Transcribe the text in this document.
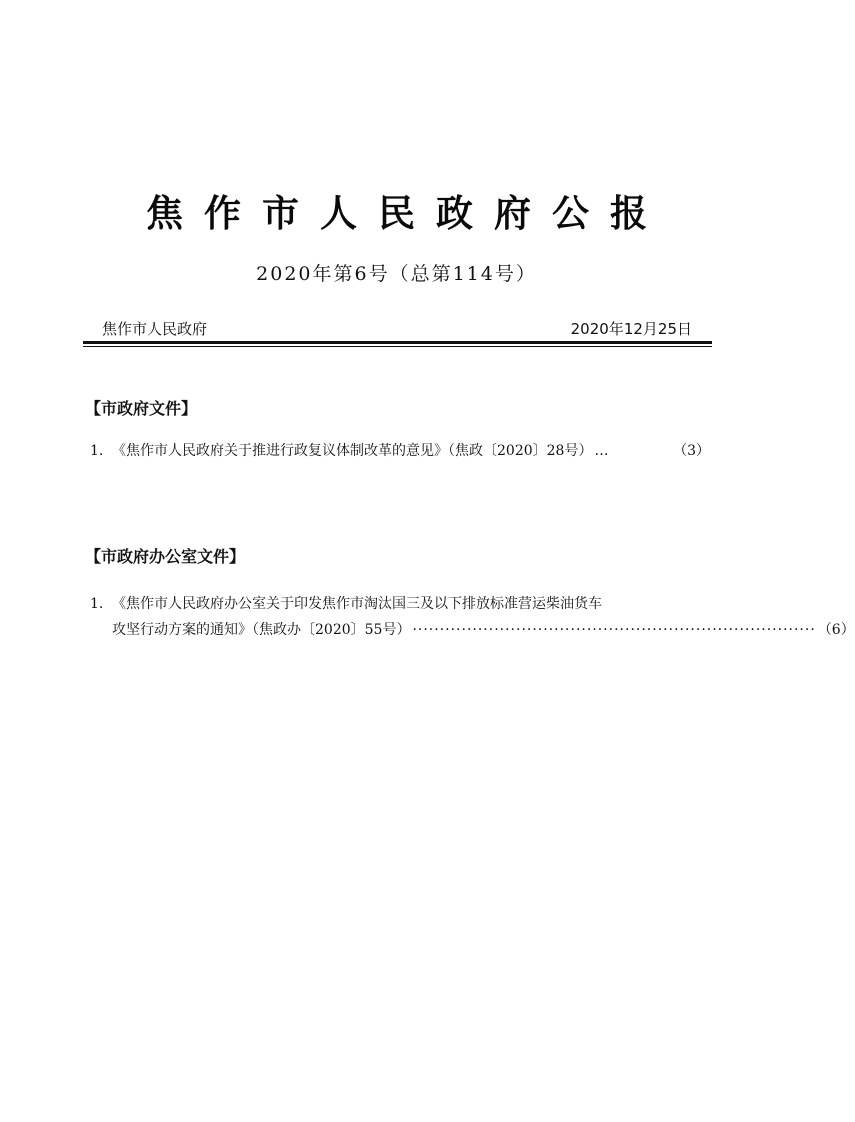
焦作市人民政府公报
2020年第6号（总第114号）
焦作市人民政府	2020年12月25日
【市政府文件】
1. 《焦作市人民政府关于推进行政复议体制改革的意见》（焦政〔2020〕28号） …	（3）
【市政府办公室文件】
1. 《焦作市人民政府办公室关于印发焦作市淘汰国三及以下排放标准营运柴油货车
攻坚行动方案的通知》（焦政办〔2020〕55号） ·········································································· （6）
